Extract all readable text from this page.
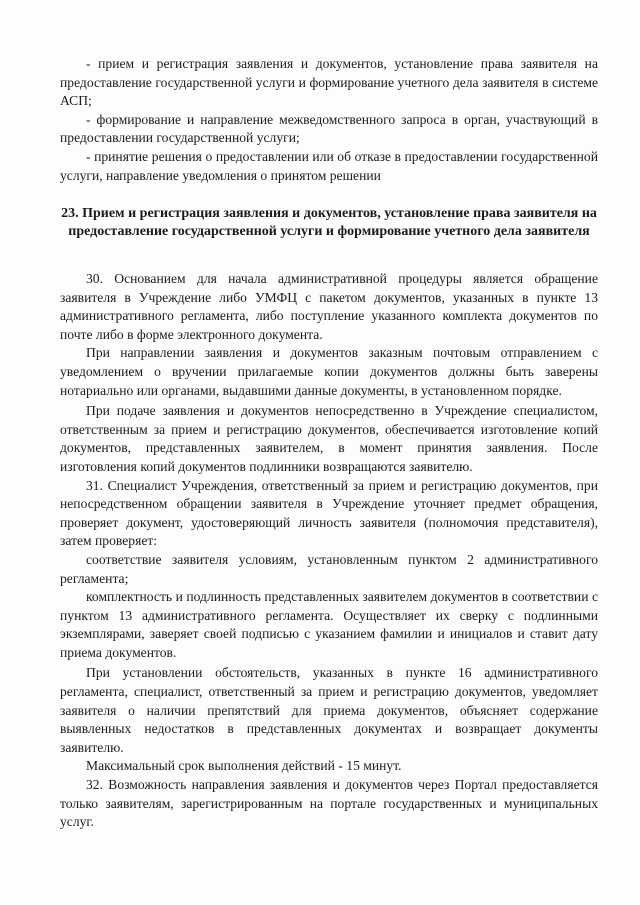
- прием и регистрация заявления и документов, установление права заявителя на предоставление государственной услуги и формирование учетного дела заявителя в системе АСП;

- формирование и направление межведомственного запроса в орган, участвующий в предоставлении государственной услуги;

- принятие решения о предоставлении или об отказе в предоставлении государственной услуги, направление уведомления о принятом решении

23. Прием и регистрация заявления и документов, установление права заявителя на предоставление государственной услуги и формирование учетного дела заявителя

30. Основанием для начала административной процедуры является обращение заявителя в Учреждение либо УМФЦ с пакетом документов, указанных в пункте 13 административного регламента, либо поступление указанного комплекта документов по почте либо в форме электронного документа.

При направлении заявления и документов заказным почтовым отправлением с уведомлением о вручении прилагаемые копии документов должны быть заверены нотариально или органами, выдавшими данные документы, в установленном порядке.

При подаче заявления и документов непосредственно в Учреждение специалистом, ответственным за прием и регистрацию документов, обеспечивается изготовление копий документов, представленных заявителем, в момент принятия заявления. После изготовления копий документов подлинники возвращаются заявителю.

31. Специалист Учреждения, ответственный за прием и регистрацию документов, при непосредственном обращении заявителя в Учреждение уточняет предмет обращения, проверяет документ, удостоверяющий личность заявителя (полномочия представителя), затем проверяет:

соответствие заявителя условиям, установленным пунктом 2 административного регламента;

комплектность и подлинность представленных заявителем документов в соответствии с пунктом 13 административного регламента. Осуществляет их сверку с подлинными экземплярами, заверяет своей подписью с указанием фамилии и инициалов и ставит дату приема документов.

При установлении обстоятельств, указанных в пункте 16 административного регламента, специалист, ответственный за прием и регистрацию документов, уведомляет заявителя о наличии препятствий для приема документов, объясняет содержание выявленных недостатков в представленных документах и возвращает документы заявителю.

Максимальный срок выполнения действий - 15 минут.

32. Возможность направления заявления и документов через Портал предоставляется только заявителям, зарегистрированным на портале государственных и муниципальных услуг.
